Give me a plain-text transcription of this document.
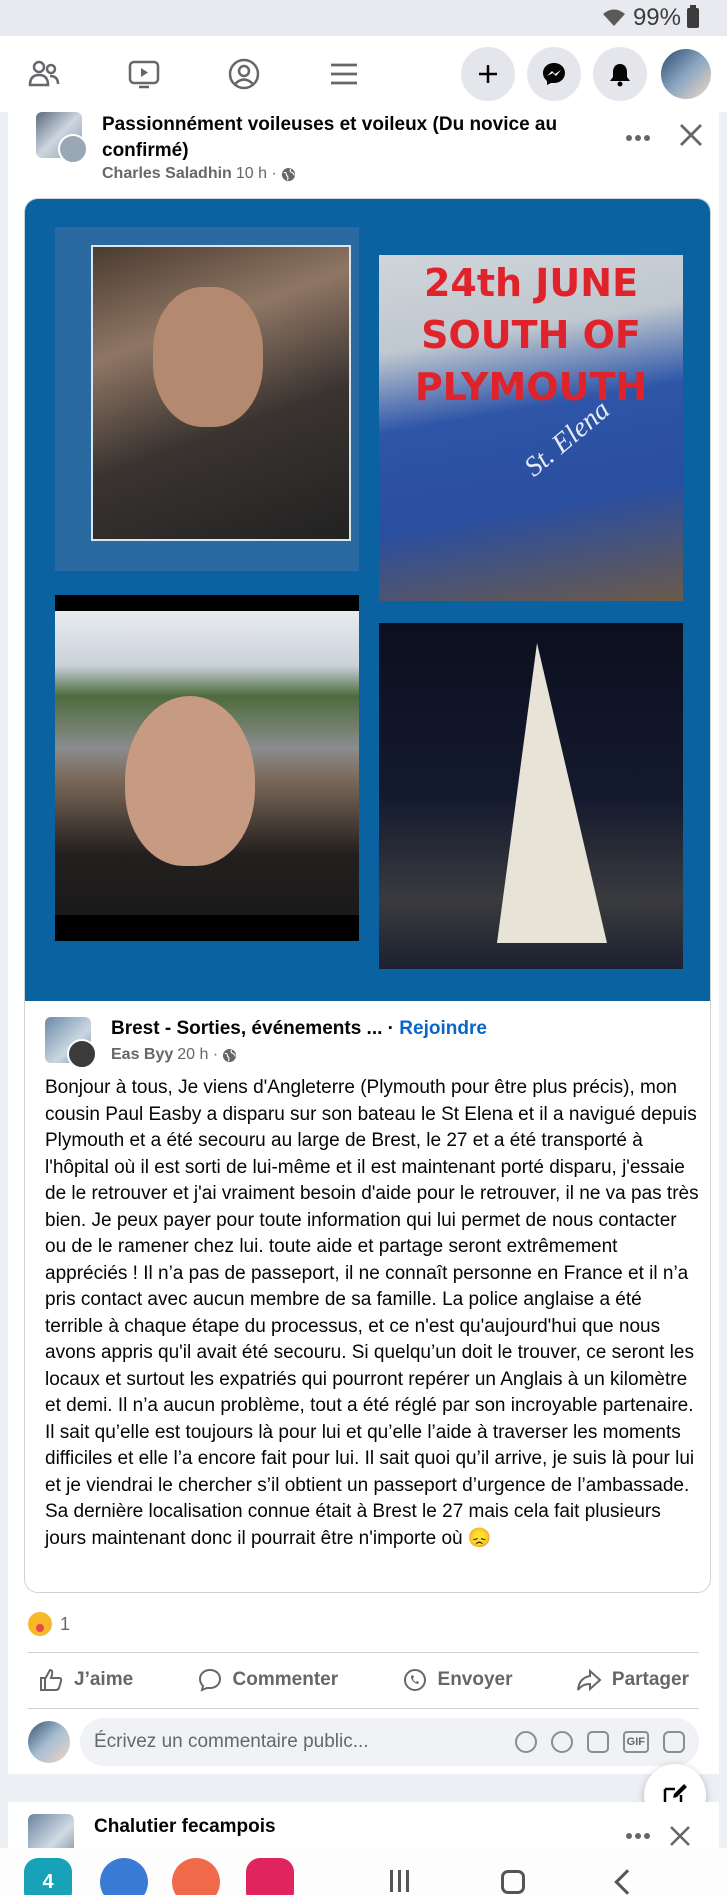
99%
Passionnément voileuses et voileux (Du novice au confirmé)
Charles Saladhin 10 h ·
24th JUNE SOUTH OF PLYMOUTH
St. Elena
Brest - Sorties, événements ... · Rejoindre
Eas Byy 20 h ·
Bonjour à tous, Je viens d'Angleterre (Plymouth pour être plus précis), mon cousin Paul Easby a disparu sur son bateau le St Elena et il a navigué depuis Plymouth et a été secouru au large de Brest, le 27 et a été transporté à l'hôpital où il est sorti de lui-même et il est maintenant porté disparu, j'essaie de le retrouver et j'ai vraiment besoin d'aide pour le retrouver, il ne va pas très bien. Je peux payer pour toute information qui lui permet de nous contacter ou de le ramener chez lui. toute aide et partage seront extrêmement appréciés ! Il n’a pas de passeport, il ne connaît personne en France et il n’a pris contact avec aucun membre de sa famille. La police anglaise a été terrible à chaque étape du processus, et ce n'est qu'aujourd'hui que nous avons appris qu'il avait été secouru. Si quelqu’un doit le trouver, ce seront les locaux et surtout les expatriés qui pourront repérer un Anglais à un kilomètre et demi. Il n’a aucun problème, tout a été réglé par son incroyable partenaire. Il sait qu’elle est toujours là pour lui et qu’elle l’aide à traverser les moments difficiles et elle l’a encore fait pour lui. Il sait quoi qu’il arrive, je suis là pour lui et je viendrai le chercher s’il obtient un passeport d’urgence de l’ambassade. Sa dernière localisation connue était à Brest le 27 mais cela fait plusieurs jours maintenant donc il pourrait être n'importe où 😞
1
J’aime	Commenter	Envoyer	Partager
Écrivez un commentaire public...	GIF
Chalutier fecampois
4
